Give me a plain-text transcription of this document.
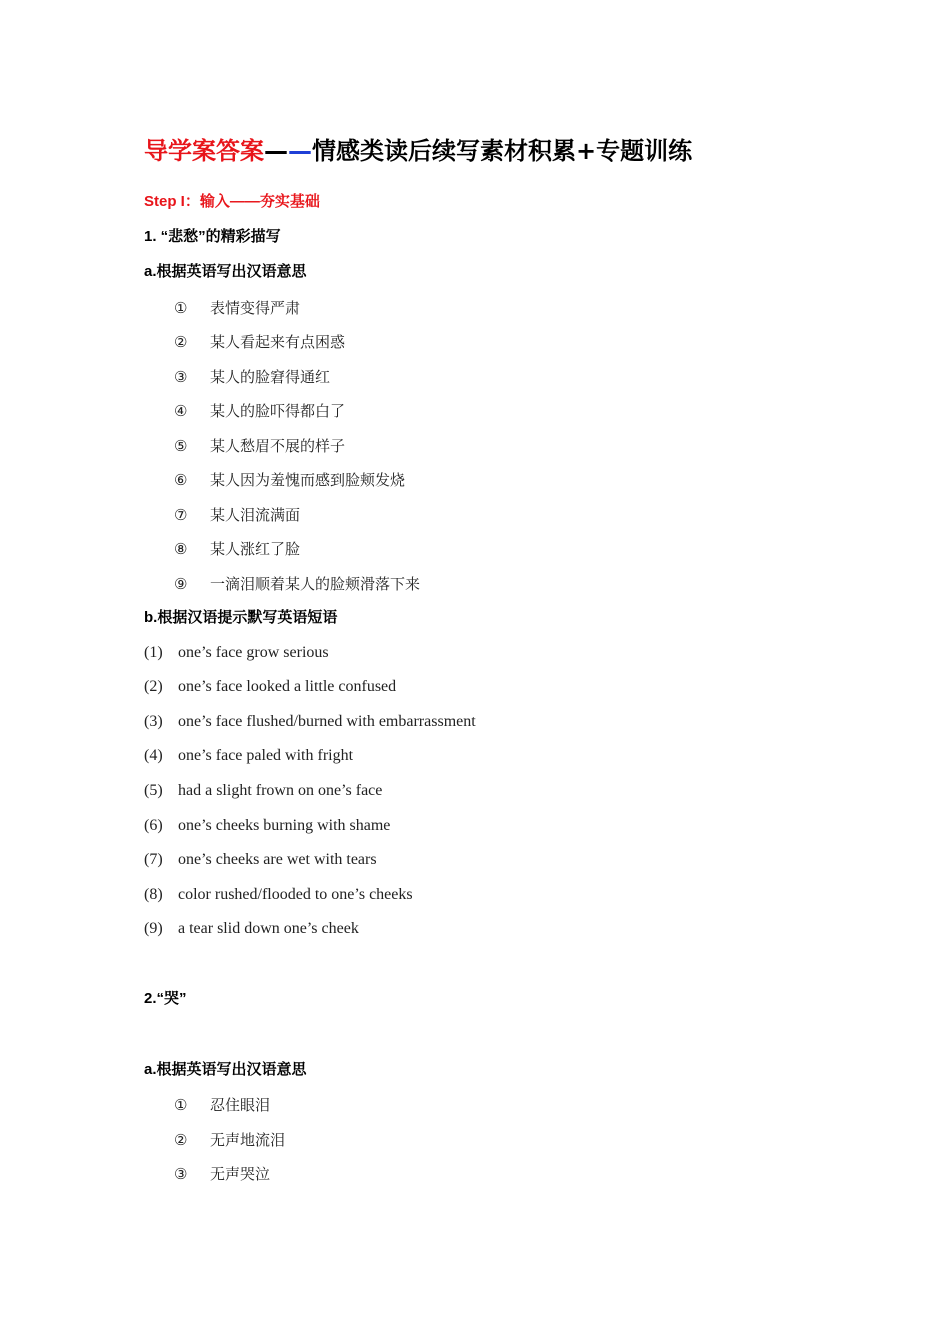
导学案答案——情感类读后续写素材积累+专题训练
Step I：输入——夯实基础
1. “悲愁”的精彩描写
a.根据英语写出汉语意思
① 表情变得严肃
② 某人看起来有点困惑
③ 某人的脸窘得通红
④ 某人的脸吓得都白了
⑤ 某人愁眉不展的样子
⑥ 某人因为羞愧而感到脸颊发烧
⑦ 某人泪流满面
⑧ 某人涨红了脸
⑨ 一滴泪顺着某人的脸颊滑落下来
b.根据汉语提示默写英语短语
(1) one’s face grow serious
(2) one’s face looked a little confused
(3) one’s face flushed/burned with embarrassment
(4) one’s face paled with fright
(5) had a slight frown on one’s face
(6) one’s cheeks burning with shame
(7) one’s cheeks are wet with tears
(8) color rushed/flooded to one’s cheeks
(9) a tear slid down one’s cheek
2.“哭”
a.根据英语写出汉语意思
① 忍住眼泪
② 无声地流泪
③ 无声哭泣
